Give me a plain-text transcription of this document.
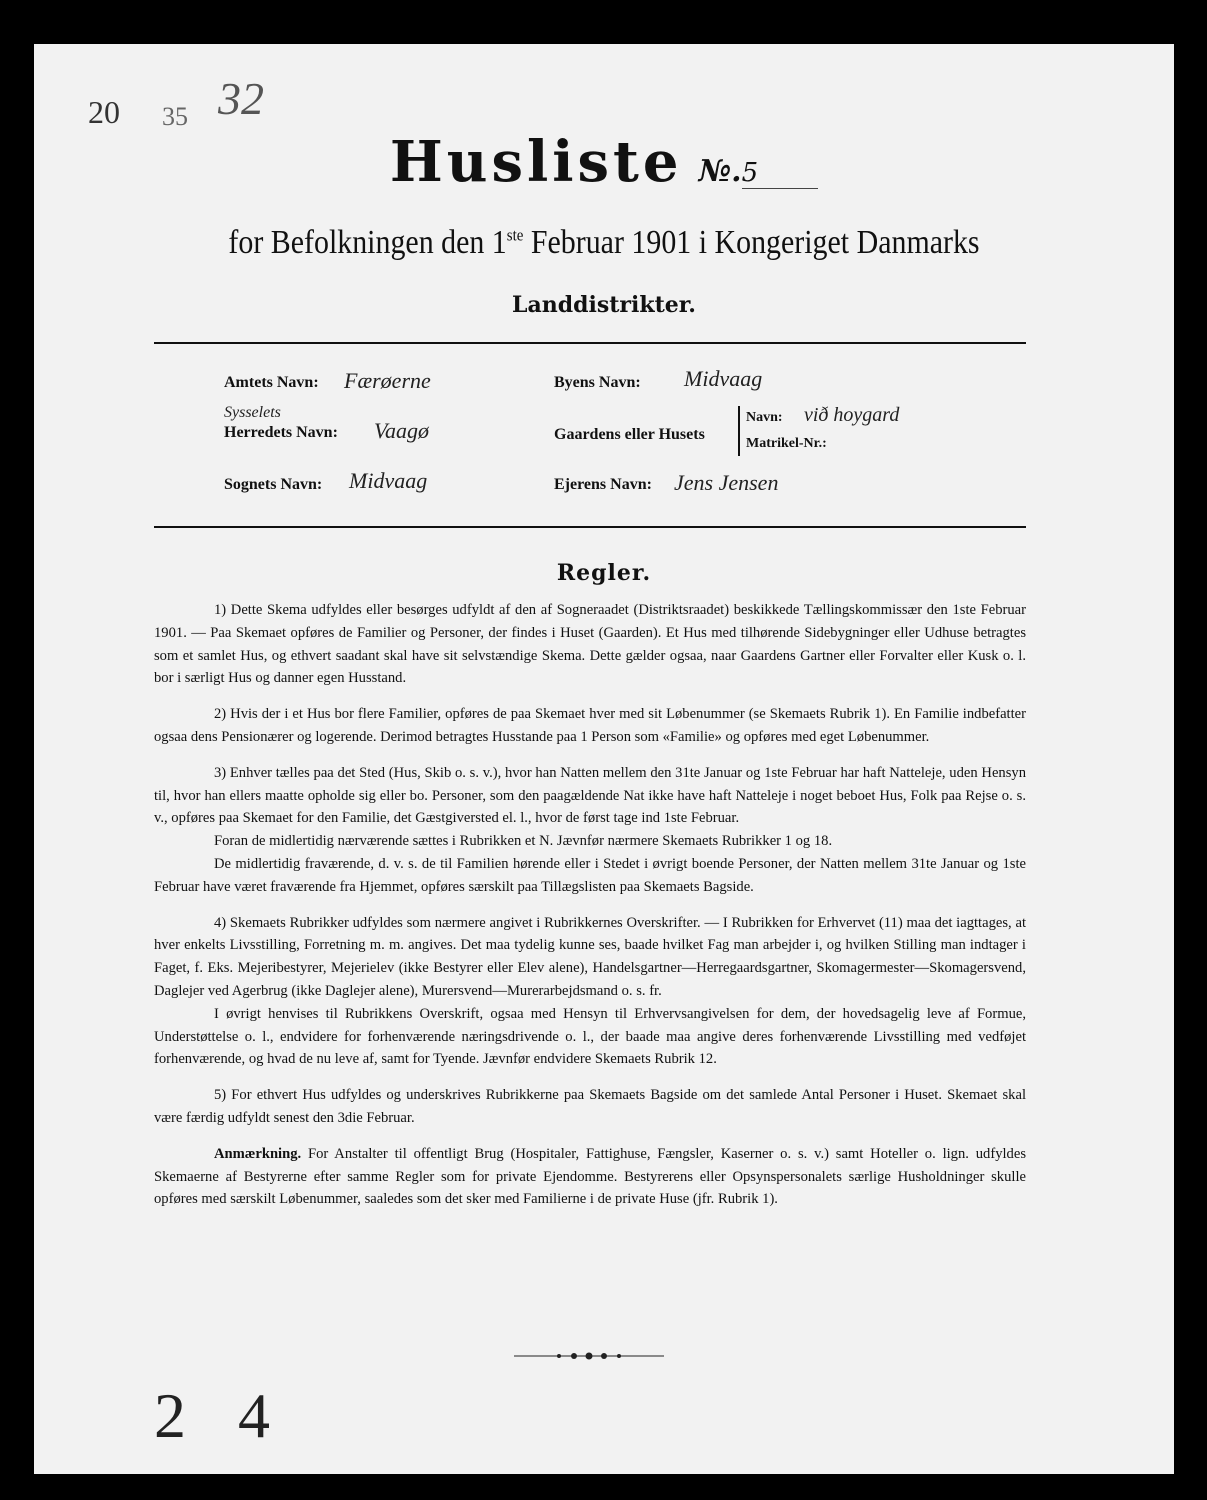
20 35 32
Husliste №.5
for Befolkningen den 1ste Februar 1901 i Kongeriget Danmarks
Landdistrikter.
Amtets Navn: Færøerne
Sysselets
Herredets Navn: Vaagø
Sognets Navn: Midvaag
Byens Navn: Midvaag
Gaardens eller Husets
Navn: við hoygard
Matrikel-Nr.:
Ejerens Navn: Jens Jensen
Regler.

1) Dette Skema udfyldes eller besørges udfyldt af den af Sogneraadet (Distriktsraadet) beskikkede Tællingskommissær den 1ste Februar 1901. — Paa Skemaet opføres de Familier og Personer, der findes i Huset (Gaarden). Et Hus med tilhørende Sidebygninger eller Udhuse betragtes som et samlet Hus, og ethvert saadant skal have sit selvstændige Skema. Dette gælder ogsaa, naar Gaardens Gartner eller Forvalter eller Kusk o. l. bor i særligt Hus og danner egen Husstand.

2) Hvis der i et Hus bor flere Familier, opføres de paa Skemaet hver med sit Løbenummer (se Skemaets Rubrik 1). En Familie indbefatter ogsaa dens Pensionærer og logerende. Derimod betragtes Husstande paa 1 Person som «Familie» og opføres med eget Løbenummer.

3) Enhver tælles paa det Sted (Hus, Skib o. s. v.), hvor han Natten mellem den 31te Januar og 1ste Februar har haft Natteleje, uden Hensyn til, hvor han ellers maatte opholde sig eller bo. Personer, som den paagældende Nat ikke have haft Natteleje i noget beboet Hus, Folk paa Rejse o. s. v., opføres paa Skemaet for den Familie, det Gæstgiversted el. l., hvor de først tage ind 1ste Februar.

Foran de midlertidig nærværende sættes i Rubrikken et N. Jævnfør nærmere Skemaets Rubrikker 1 og 18.

De midlertidig fraværende, d. v. s. de til Familien hørende eller i Stedet i øvrigt boende Personer, der Natten mellem 31te Januar og 1ste Februar have været fraværende fra Hjemmet, opføres særskilt paa Tillægslisten paa Skemaets Bagside.

4) Skemaets Rubrikker udfyldes som nærmere angivet i Rubrikkernes Overskrifter. — I Rubrikken for Erhvervet (11) maa det iagttages, at hver enkelts Livsstilling, Forretning m. m. angives. Det maa tydelig kunne ses, baade hvilket Fag man arbejder i, og hvilken Stilling man indtager i Faget, f. Eks. Mejeribestyrer, Mejerielev (ikke Bestyrer eller Elev alene), Handelsgartner—Herregaardsgartner, Skomagermester—Skomagersvend, Daglejer ved Agerbrug (ikke Daglejer alene), Murersvend—Murerarbejdsmand o. s. fr.

I øvrigt henvises til Rubrikkens Overskrift, ogsaa med Hensyn til Erhvervsangivelsen for dem, der hovedsagelig leve af Formue, Understøttelse o. l., endvidere for forhenværende næringsdrivende o. l., der baade maa angive deres forhenværende Livsstilling med vedføjet forhenværende, og hvad de nu leve af, samt for Tyende. Jævnfør endvidere Skemaets Rubrik 12.

5) For ethvert Hus udfyldes og underskrives Rubrikkerne paa Skemaets Bagside om det samlede Antal Personer i Huset. Skemaet skal være færdig udfyldt senest den 3die Februar.

Anmærkning. For Anstalter til offentligt Brug (Hospitaler, Fattighuse, Fængsler, Kaserner o. s. v.) samt Hoteller o. lign. udfyldes Skemaerne af Bestyrerne efter samme Regler som for private Ejendomme. Bestyrerens eller Opsynspersonalets særlige Husholdninger skulle opføres med særskilt Løbenummer, saaledes som det sker med Familierne i de private Huse (jfr. Rubrik 1).

2 4
